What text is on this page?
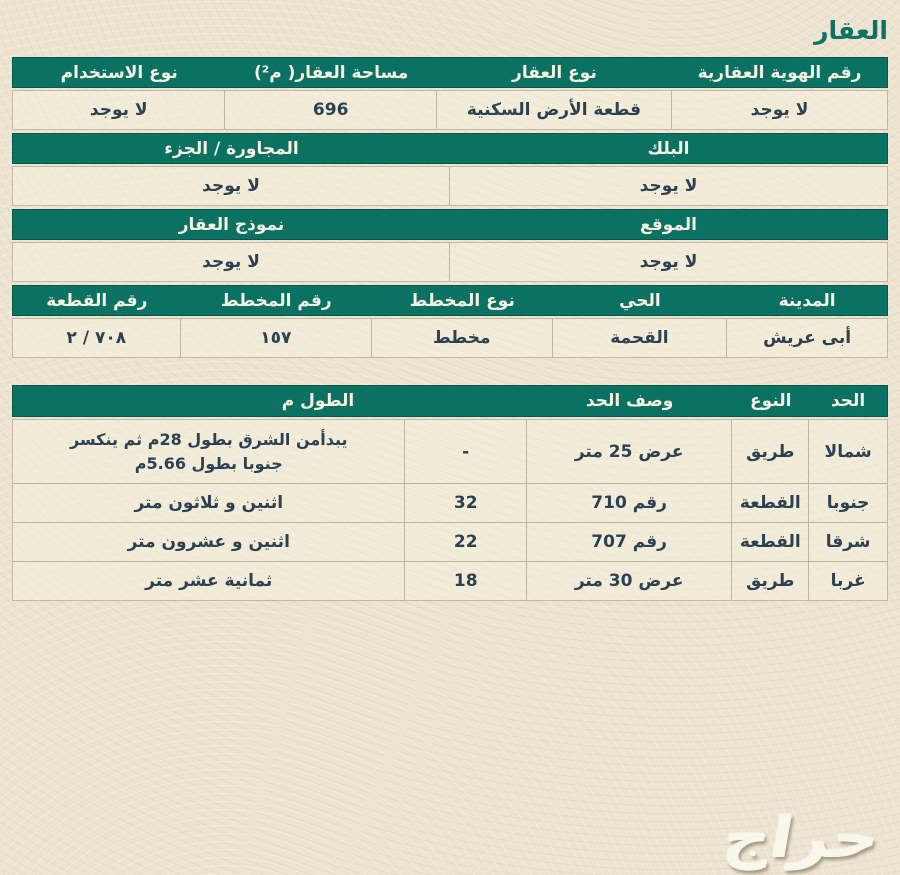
العقار
رقم الهوية العقارية
نوع العقار
مساحة العقار( م²)
نوع الاستخدام
لا يوجد
قطعة الأرض السكنية
696
لا يوجد
البلك
المجاورة / الجزء
لا يوجد
لا يوجد
الموقع
نموذج العقار
لا يوجد
لا يوجد
المدينة
الحي
نوع المخطط
رقم المخطط
رقم القطعة
أبى عريش
القحمة
مخطط
١٥٧
٧٠٨ / ٢
الحد
النوع
وصف الحد
الطول م
شمالا
طريق
عرض 25 متر
-
يبدأمن الشرق بطول 28م ثم ينكسر جنوبا بطول 5.66م
جنوبا
القطعة
رقم 710
32
اثنين و ثلاثون متر
شرقا
القطعة
رقم 707
22
اثنين و عشرون متر
غربا
طريق
عرض 30 متر
18
ثمانية عشر متر
حراج
